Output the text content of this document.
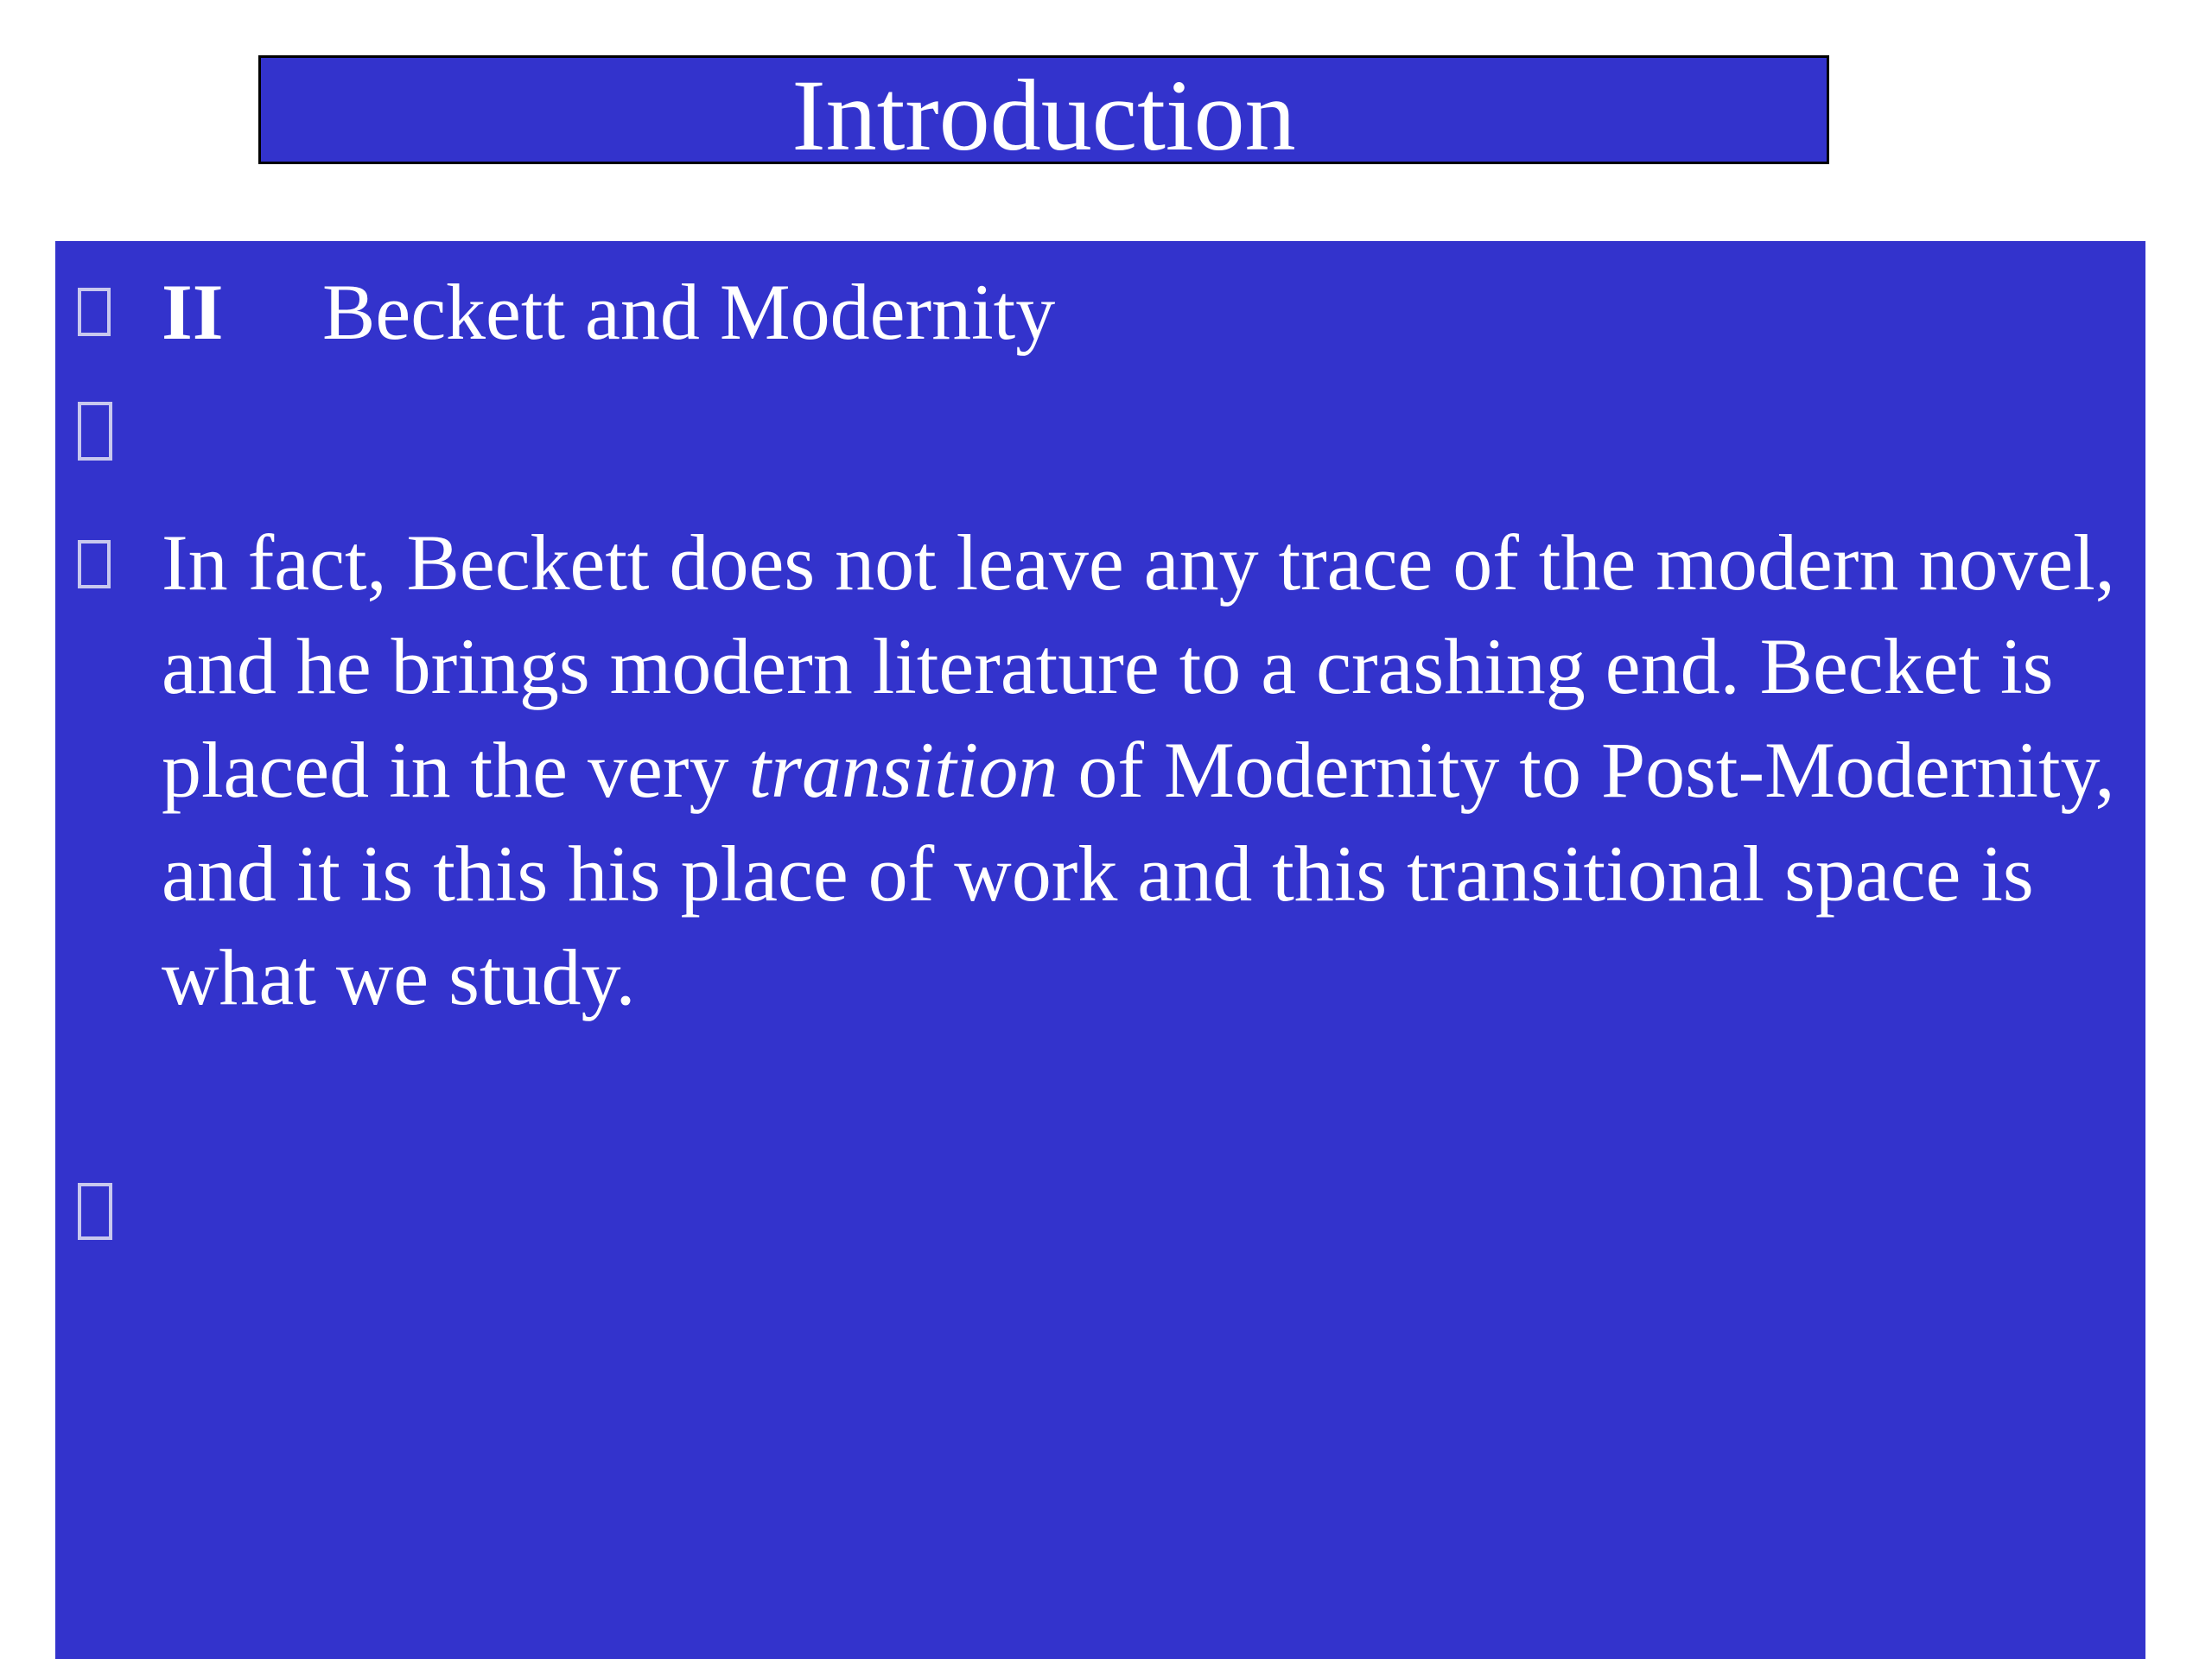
Introduction
II Beckett and Modernity
In fact, Beckett does not leave any trace of the modern novel, and he brings modern literature to a crashing end. Becket is placed in the very transition of Modernity to Post-Modernity, and it is this his place of work and this transitional space is what we study.
